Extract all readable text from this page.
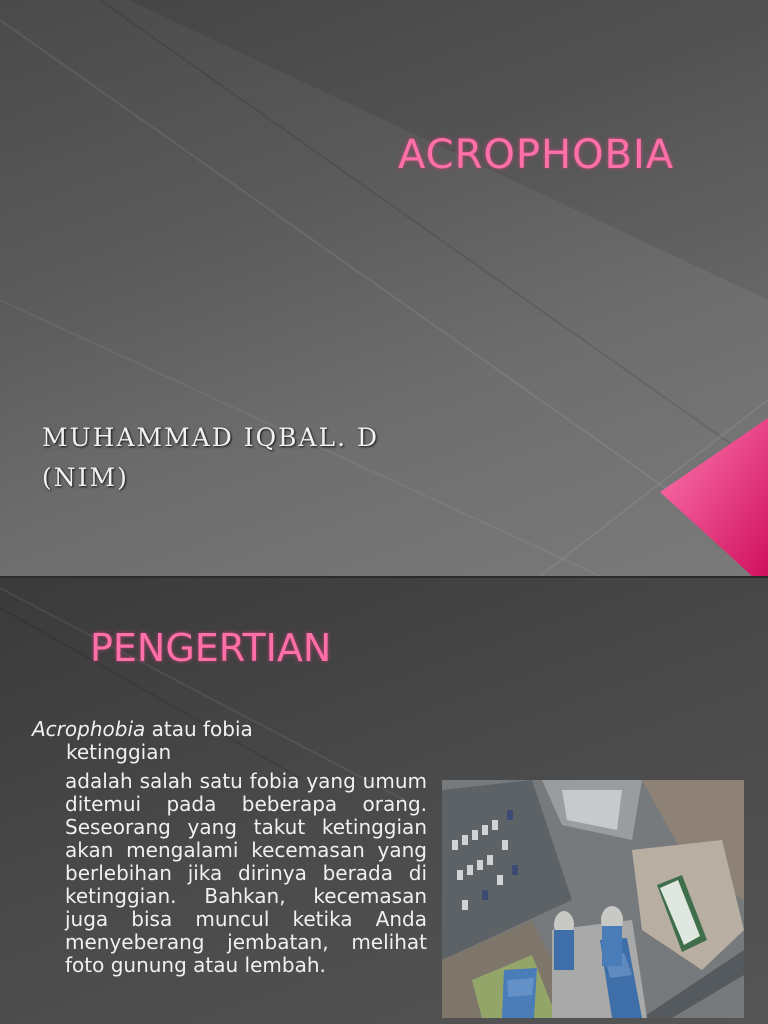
ACROPHOBIA
MUHAMMAD IQBAL. D
(NIM)
PENGERTIAN
Acrophobia atau fobia
ketinggian
adalah salah satu fobia yang umum ditemui pada beberapa orang. Seseorang yang takut ketinggian akan mengalami kecemasan yang berlebihan jika dirinya berada di ketinggian. Bahkan, kecemasan juga bisa muncul ketika Anda menyeberang jembatan, melihat foto gunung atau lembah.
